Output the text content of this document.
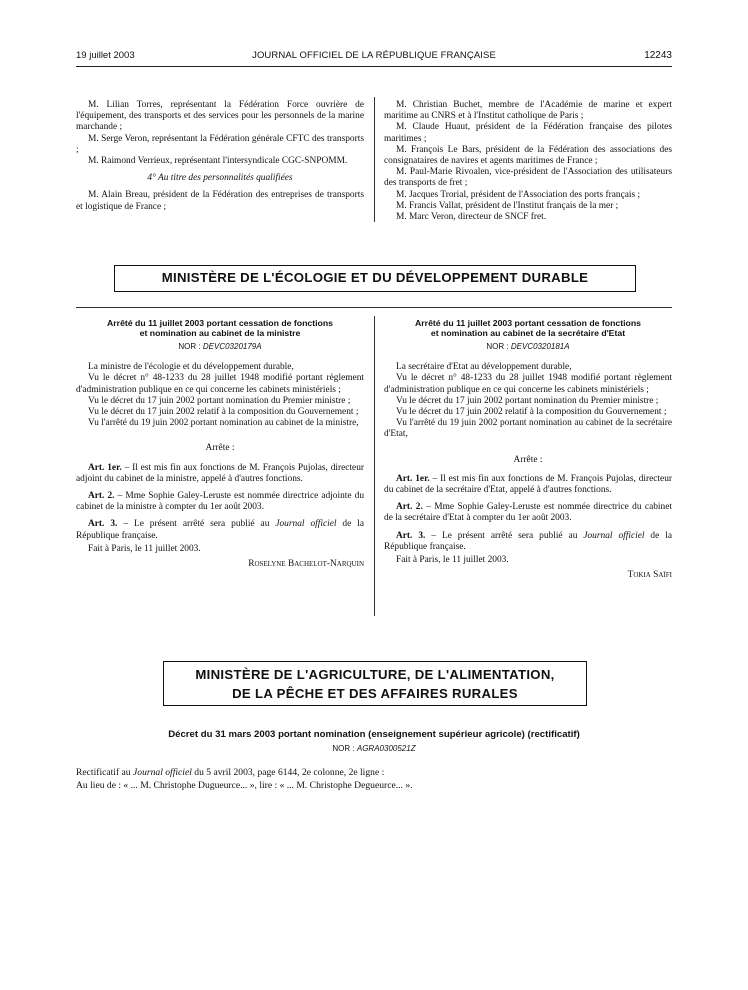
19 juillet 2003	JOURNAL OFFICIEL DE LA RÉPUBLIQUE FRANÇAISE	12243

M. Lilian Torres, représentant la Fédération Force ouvrière de l'équipement, des transports et des services pour les personnels de la marine marchande ;

M. Serge Veron, représentant la Fédération générale CFTC des transports ;

M. Raimond Verrieux, représentant l'intersyndicale CGC-SNPOMM.

4° Au titre des personnalités qualifiées

M. Alain Breau, président de la Fédération des entreprises de transports et logistique de France ;

M. Christian Buchet, membre de l'Académie de marine et expert maritime au CNRS et à l'Institut catholique de Paris ;

M. Claude Huaut, président de la Fédération française des pilotes maritimes ;

M. François Le Bars, président de la Fédération des associations des consignataires de navires et agents maritimes de France ;

M. Paul-Marie Rivoalen, vice-président de l'Association des utilisateurs des transports de fret ;

M. Jacques Trorial, président de l'Association des ports français ;

M. Francis Vallat, président de l'Institut français de la mer ;

M. Marc Veron, directeur de SNCF fret.

MINISTÈRE DE L'ÉCOLOGIE ET DU DÉVELOPPEMENT DURABLE
Arrêté du 11 juillet 2003 portant cessation de fonctions
et nomination au cabinet de la ministre
NOR : DEVC0320179A

La ministre de l'écologie et du développement durable,

Vu le décret n° 48-1233 du 28 juillet 1948 modifié portant règlement d'administration publique en ce qui concerne les cabinets ministériels ;

Vu le décret du 17 juin 2002 portant nomination du Premier ministre ;

Vu le décret du 17 juin 2002 relatif à la composition du Gouvernement ;

Vu l'arrêté du 19 juin 2002 portant nomination au cabinet de la ministre,

Arrête :

Art. 1er. – Il est mis fin aux fonctions de M. François Pujolas, directeur adjoint du cabinet de la ministre, appelé à d'autres fonctions.

Art. 2. – Mme Sophie Galey-Leruste est nommée directrice adjointe du cabinet de la ministre à compter du 1er août 2003.

Art. 3. – Le présent arrêté sera publié au Journal officiel de la République française.

Fait à Paris, le 11 juillet 2003.

Roselyne Bachelot-Narquin

Arrêté du 11 juillet 2003 portant cessation de fonctions
et nomination au cabinet de la secrétaire d'Etat
NOR : DEVC0320181A

La secrétaire d'Etat au développement durable,

Vu le décret n° 48-1233 du 28 juillet 1948 modifié portant règlement d'administration publique en ce qui concerne les cabinets ministériels ;

Vu le décret du 17 juin 2002 portant nomination du Premier ministre ;

Vu le décret du 17 juin 2002 relatif à la composition du Gouvernement ;

Vu l'arrêté du 19 juin 2002 portant nomination au cabinet de la secrétaire d'Etat,

Arrête :

Art. 1er. – Il est mis fin aux fonctions de M. François Pujolas, directeur du cabinet de la secrétaire d'Etat, appelé à d'autres fonctions.

Art. 2. – Mme Sophie Galey-Leruste est nommée directrice du cabinet de la secrétaire d'Etat à compter du 1er août 2003.

Art. 3. – Le présent arrêté sera publié au Journal officiel de la République française.

Fait à Paris, le 11 juillet 2003.

Tokia Saïfi

MINISTÈRE DE L'AGRICULTURE, DE L'ALIMENTATION,
DE LA PÊCHE ET DES AFFAIRES RURALES
Décret du 31 mars 2003 portant nomination (enseignement supérieur agricole) (rectificatif)
NOR : AGRA0300521Z

Rectificatif au Journal officiel du 5 avril 2003, page 6144, 2e colonne, 2e ligne :

Au lieu de : « ... M. Christophe Dugueurce... », lire : « ... M. Christophe Degueurce... ».
